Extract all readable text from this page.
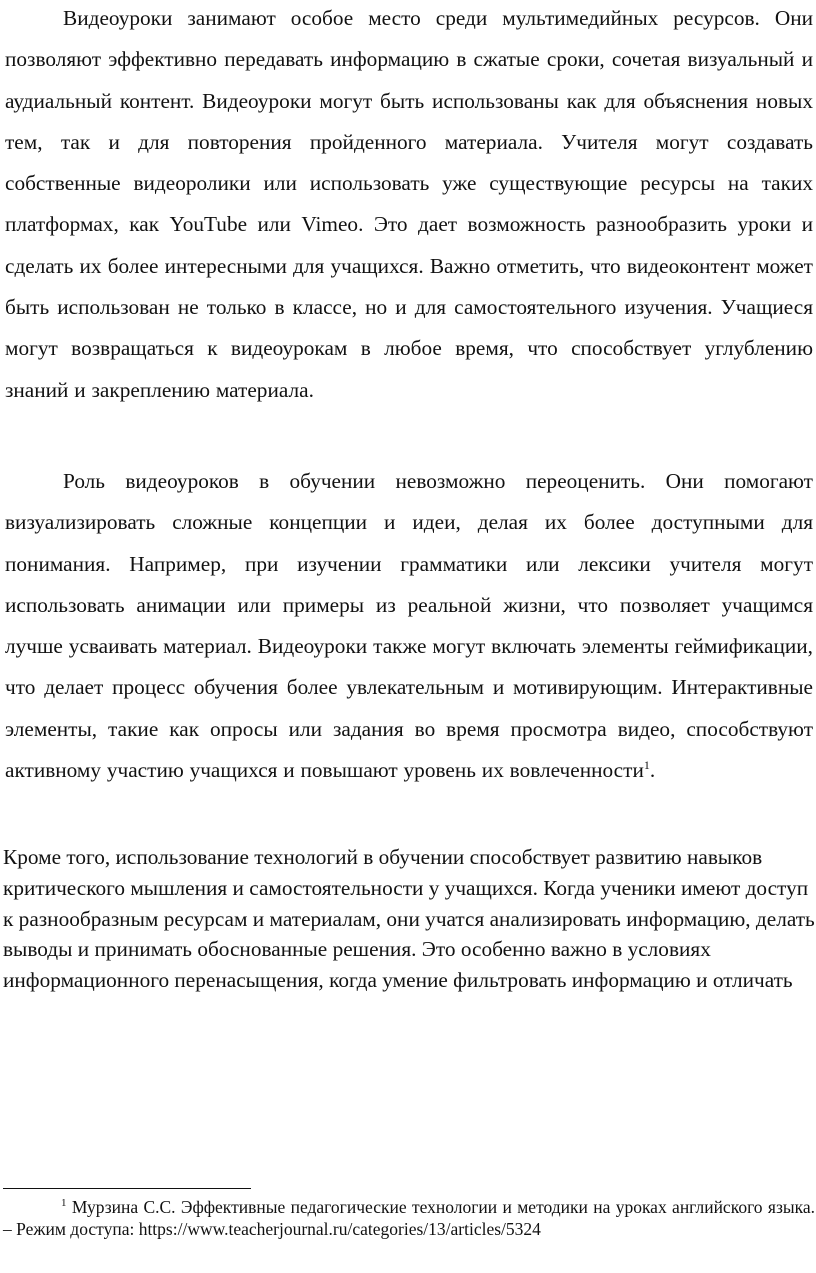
Видеоуроки занимают особое место среди мультимедийных ресурсов. Они позволяют эффективно передавать информацию в сжатые сроки, сочетая визуальный и аудиальный контент. Видеоуроки могут быть использованы как для объяснения новых тем, так и для повторения пройденного материала. Учителя могут создавать собственные видеоролики или использовать уже существующие ресурсы на таких платформах, как YouTube или Vimeo. Это дает возможность разнообразить уроки и сделать их более интересными для учащихся. Важно отметить, что видеоконтент может быть использован не только в классе, но и для самостоятельного изучения. Учащиеся могут возвращаться к видеоурокам в любое время, что способствует углублению знаний и закреплению материала.

Роль видеоуроков в обучении невозможно переоценить. Они помогают визуализировать сложные концепции и идеи, делая их более доступными для понимания. Например, при изучении грамматики или лексики учителя могут использовать анимации или примеры из реальной жизни, что позволяет учащимся лучше усваивать материал. Видеоуроки также могут включать элементы геймификации, что делает процесс обучения более увлекательным и мотивирующим. Интерактивные элементы, такие как опросы или задания во время просмотра видео, способствуют активному участию учащихся и повышают уровень их вовлеченности$^1$.

Кроме того, использование технологий в обучении способствует развитию навыков критического мышления и самостоятельности у учащихся. Когда ученики имеют доступ к разнообразным ресурсам и материалам, они учатся анализировать информацию, делать выводы и принимать обоснованные решения. Это особенно важно в условиях информационного перенасыщения, когда умение фильтровать информацию и отличать

$^1$ Мурзина С.С. Эффективные педагогические технологии и методики на уроках английского языка. – Режим доступа: https://www.teacherjournal.ru/categories/13/articles/5324
